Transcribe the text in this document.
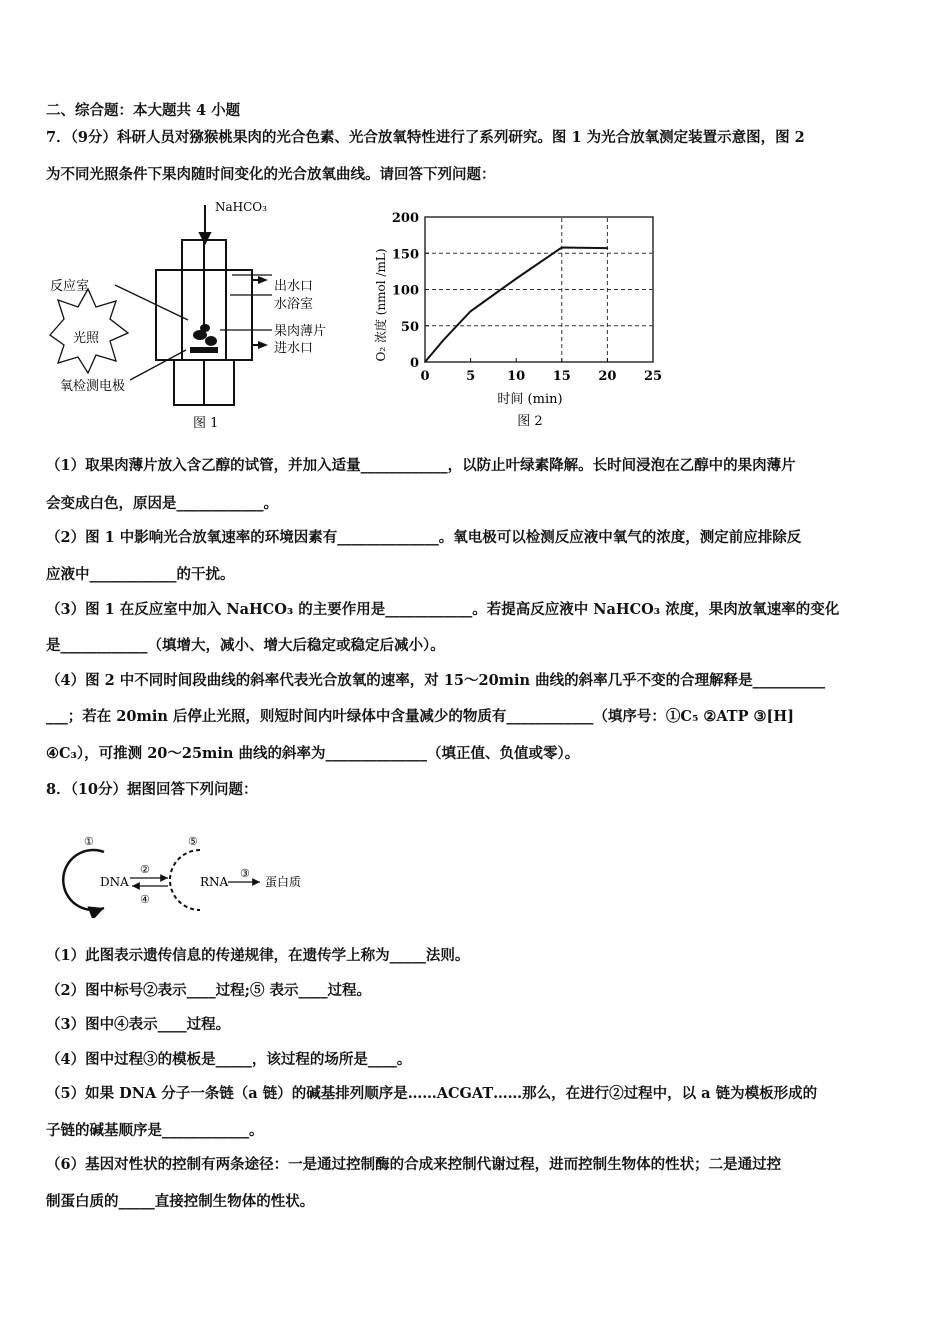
二、综合题：本大题共 4 小题
7．（9分）科研人员对猕猴桃果肉的光合色素、光合放氧特性进行了系列研究。图 1 为光合放氧测定装置示意图，图 2
为不同光照条件下果肉随时间变化的光合放氧曲线。请回答下列问题：
光照
NaHCO₃
反应室	出水口
水浴室
果肉薄片
进水口
氧检测电极
图 1
O₂ 浓度 (nmol /mL)
时间 (min)
图 2
0	5 10 15 20 25
0
50
100
150
200
（1）取果肉薄片放入含乙醇的试管，并加入适量____________，以防止叶绿素降解。长时间浸泡在乙醇中的果肉薄片
会变成白色，原因是____________。
（2）图 1 中影响光合放氧速率的环境因素有______________。氧电极可以检测反应液中氧气的浓度，测定前应排除反
应液中____________的干扰。
（3）图 1 在反应室中加入 NaHCO₃ 的主要作用是____________。若提高反应液中 NaHCO₃ 浓度，果肉放氧速率的变化
是____________（填增大，减小、增大后稳定或稳定后减小）。
（4）图 2 中不同时间段曲线的斜率代表光合放氧的速率，对 15～20min 曲线的斜率几乎不变的合理解释是__________
___；若在 20min 后停止光照，则短时间内叶绿体中含量减少的物质有____________（填序号：①C₅ ②ATP ③[H]
④C₃），可推测 20～25min 曲线的斜率为______________（填正值、负值或零）。
8．（10分）据图回答下列问题：
①
②
④
⑤
③
DNA	RNA	蛋白质
（1）此图表示遗传信息的传递规律，在遗传学上称为_____法则。
（2）图中标号②表示____过程;⑤ 表示____过程。
（3）图中④表示____过程。
（4）图中过程③的模板是_____，该过程的场所是____。
（5）如果 DNA 分子一条链（a 链）的碱基排列顺序是……ACGAT……那么，在进行②过程中，以 a 链为模板形成的
子链的碱基顺序是____________。
（6）基因对性状的控制有两条途径：一是通过控制酶的合成来控制代谢过程，进而控制生物体的性状；二是通过控
制蛋白质的_____直接控制生物体的性状。
